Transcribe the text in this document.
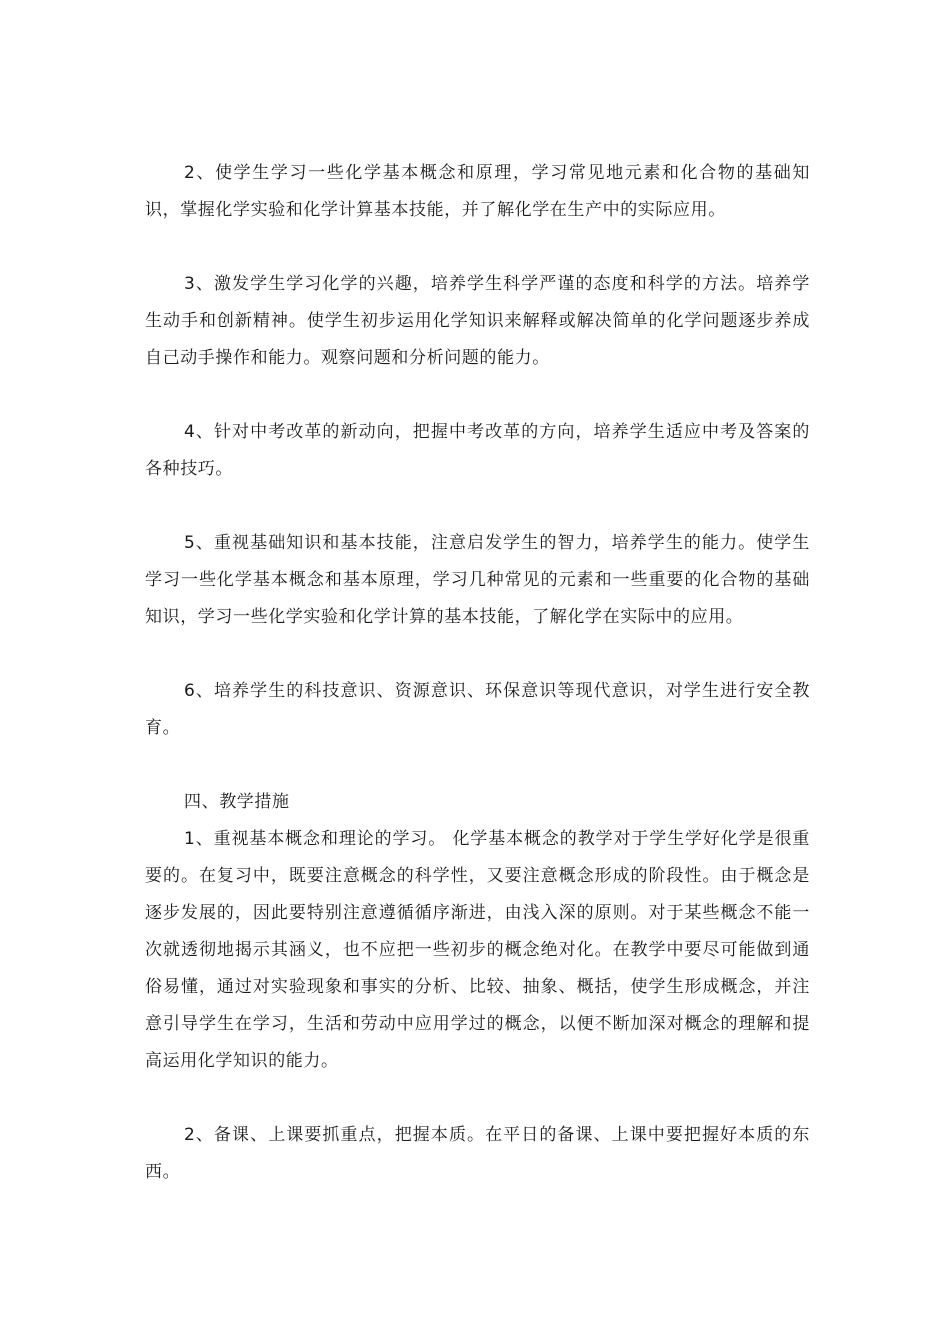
2、使学生学习一些化学基本概念和原理，学习常见地元素和化合物的基础知识，掌握化学实验和化学计算基本技能，并了解化学在生产中的实际应用。

3、激发学生学习化学的兴趣，培养学生科学严谨的态度和科学的方法。培养学生动手和创新精神。使学生初步运用化学知识来解释或解决简单的化学问题逐步养成自己动手操作和能力。观察问题和分析问题的能力。

4、针对中考改革的新动向，把握中考改革的方向，培养学生适应中考及答案的各种技巧。

5、重视基础知识和基本技能，注意启发学生的智力，培养学生的能力。使学生学习一些化学基本概念和基本原理，学习几种常见的元素和一些重要的化合物的基础知识，学习一些化学实验和化学计算的基本技能，了解化学在实际中的应用。

6、培养学生的科技意识、资源意识、环保意识等现代意识，对学生进行安全教育。

四、教学措施

1、重视基本概念和理论的学习。 化学基本概念的教学对于学生学好化学是很重要的。在复习中，既要注意概念的科学性，又要注意概念形成的阶段性。由于概念是逐步发展的，因此要特别注意遵循循序渐进，由浅入深的原则。对于某些概念不能一次就透彻地揭示其涵义，也不应把一些初步的概念绝对化。在教学中要尽可能做到通俗易懂，通过对实验现象和事实的分析、比较、抽象、概括，使学生形成概念，并注意引导学生在学习，生活和劳动中应用学过的概念，以便不断加深对概念的理解和提高运用化学知识的能力。

2、备课、上课要抓重点，把握本质。在平日的备课、上课中要把握好本质的东西。
